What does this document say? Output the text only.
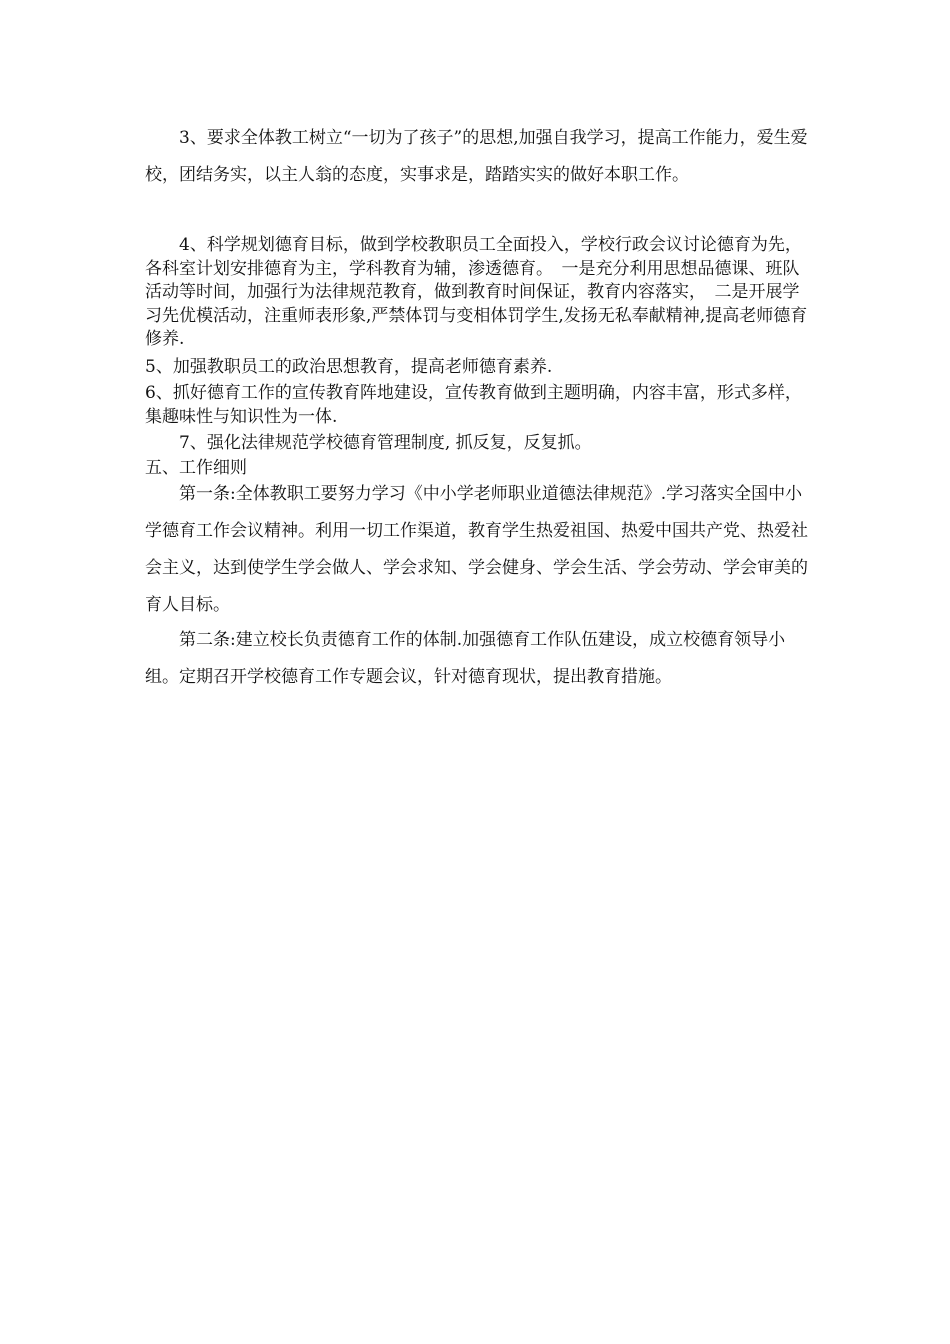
3、要求全体教工树立“一切为了孩子”的思想,加强自我学习，提高工作能力，爱生爱校，团结务实，以主人翁的态度，实事求是，踏踏实实的做好本职工作。
4、科学规划德育目标，做到学校教职员工全面投入，学校行政会议讨论德育为先，各科室计划安排德育为主，学科教育为辅，渗透德育。　一是充分利用思想品德课、班队活动等时间，加强行为法律规范教育，做到教育时间保证，教育内容落实，　二是开展学习先优模活动，注重师表形象,严禁体罚与变相体罚学生,发扬无私奉献精神,提高老师德育修养.
5、加强教职员工的政治思想教育，提高老师德育素养.
6、抓好德育工作的宣传教育阵地建设，宣传教育做到主题明确，内容丰富，形式多样，集趣味性与知识性为一体.
7、强化法律规范学校德育管理制度, 抓反复，反复抓。
五、工作细则
第一条:全体教职工要努力学习《中小学老师职业道德法律规范》.学习落实全国中小学德育工作会议精神。利用一切工作渠道，教育学生热爱祖国、热爱中国共产党、热爱社会主义，达到使学生学会做人、学会求知、学会健身、学会生活、学会劳动、学会审美的育人目标。
第二条:建立校长负责德育工作的体制.加强德育工作队伍建设，成立校德育领导小组。定期召开学校德育工作专题会议，针对德育现状，提出教育措施。
